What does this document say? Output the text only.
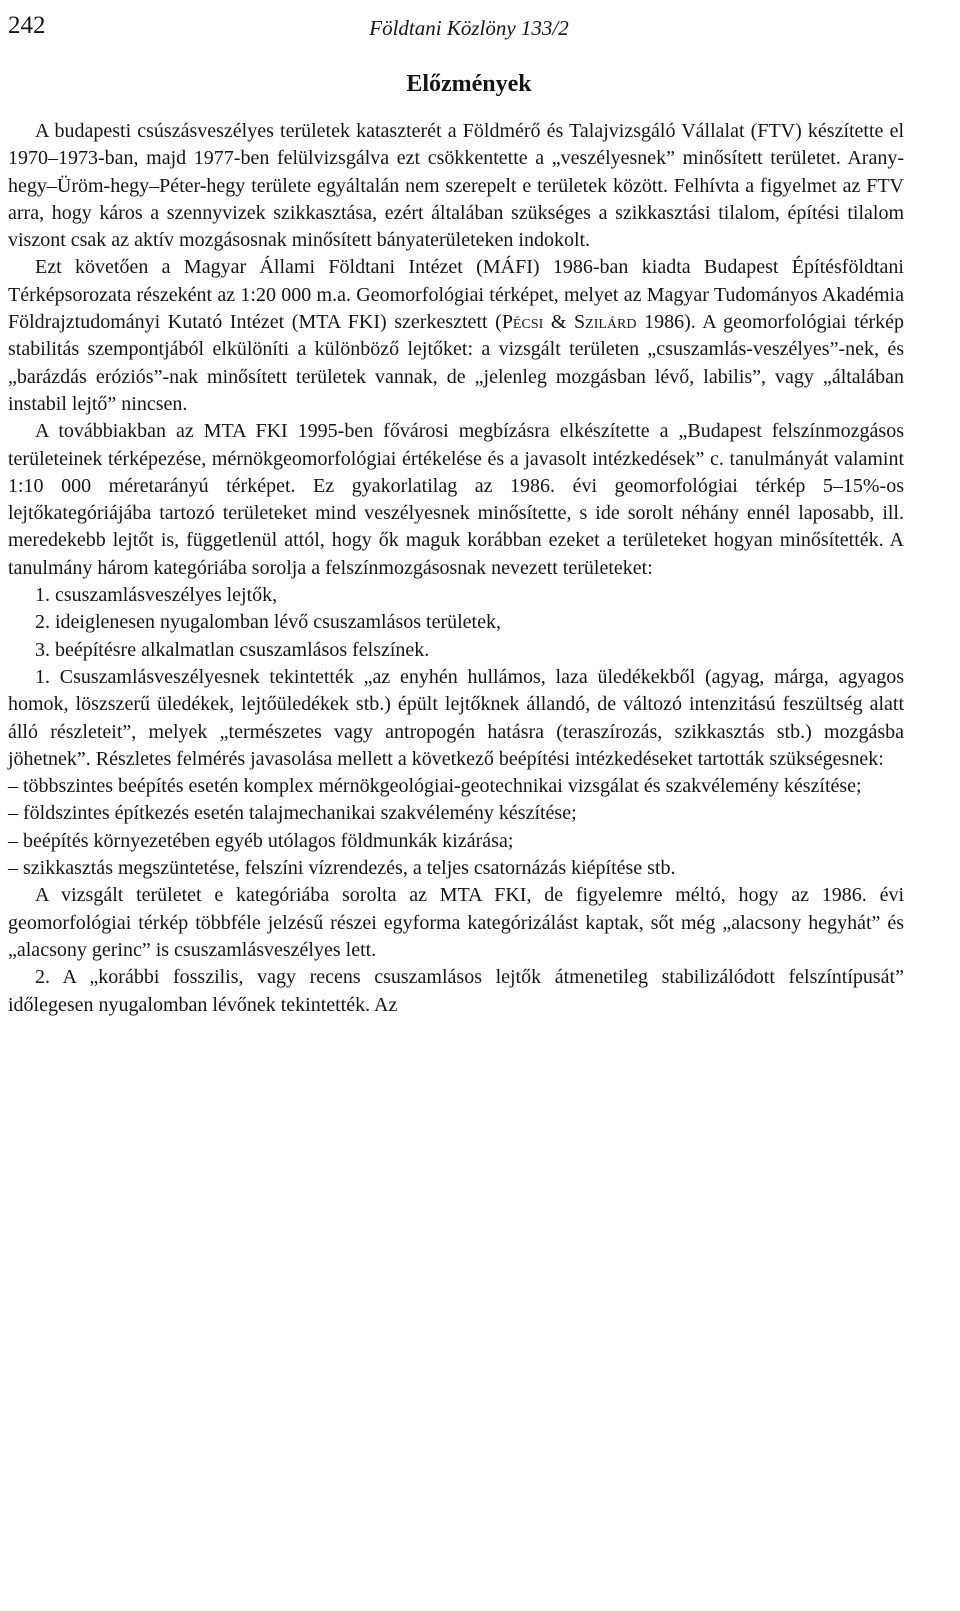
242	Földtani Közlöny 133/2
Előzmények

A budapesti csúszásveszélyes területek kataszterét a Földmérő és Talajvizsgáló Vállalat (FTV) készítette el 1970–1973-ban, majd 1977-ben felülvizsgálva ezt csökkentette a „veszélyesnek” minősített területet. Arany-hegy–Üröm-hegy–Péter-hegy területe egyáltalán nem szerepelt e területek között. Felhívta a figyelmet az FTV arra, hogy káros a szennyvizek szikkasztása, ezért általában szükséges a szikkasztási tilalom, építési tilalom viszont csak az aktív mozgásosnak minősített bányaterületeken indokolt.

Ezt követően a Magyar Állami Földtani Intézet (MÁFI) 1986-ban kiadta Budapest Építésföldtani Térképsorozata részeként az 1:20 000 m.a. Geomorfológiai térképet, melyet az Magyar Tudományos Akadémia Földrajztudományi Kutató Intézet (MTA FKI) szerkesztett (Pécsi & Szilárd 1986). A geomorfológiai térkép stabilitás szempontjából elkülöníti a különböző lejtőket: a vizsgált területen „csuszamlás-veszélyes”-nek, és „barázdás eróziós”-nak minősített területek vannak, de „jelenleg mozgásban lévő, labilis”, vagy „általában instabil lejtő” nincsen.

A továbbiakban az MTA FKI 1995-ben fővárosi megbízásra elkészítette a „Budapest felszínmozgásos területeinek térképezése, mérnökgeomorfológiai értékelése és a javasolt intézkedések” c. tanulmányát valamint 1:10 000 méretarányú térképet. Ez gyakorlatilag az 1986. évi geomorfológiai térkép 5–15%-os lejtőkategóriájába tartozó területeket mind veszélyesnek minősítette, s ide sorolt néhány ennél laposabb, ill. meredekebb lejtőt is, függetlenül attól, hogy ők maguk korábban ezeket a területeket hogyan minősítették. A tanulmány három kategóriába sorolja a felszínmozgásosnak nevezett területeket:

1. csuszamlásveszélyes lejtők,

2. ideiglenesen nyugalomban lévő csuszamlásos területek,

3. beépítésre alkalmatlan csuszamlásos felszínek.

1. Csuszamlásveszélyesnek tekintették „az enyhén hullámos, laza üledékekből (agyag, márga, agyagos homok, löszszerű üledékek, lejtőüledékek stb.) épült lejtőknek állandó, de változó intenzitású feszültség alatt álló részleteit”, melyek „természetes vagy antropogén hatásra (teraszírozás, szikkasztás stb.) mozgásba jöhetnek”. Részletes felmérés javasolása mellett a következő beépítési intézkedéseket tartották szükségesnek:

– többszintes beépítés esetén komplex mérnökgeológiai-geotechnikai vizsgálat és szakvélemény készítése;

– földszintes építkezés esetén talajmechanikai szakvélemény készítése;

– beépítés környezetében egyéb utólagos földmunkák kizárása;

– szikkasztás megszüntetése, felszíni vízrendezés, a teljes csatornázás kiépítése stb.

A vizsgált területet e kategóriába sorolta az MTA FKI, de figyelemre méltó, hogy az 1986. évi geomorfológiai térkép többféle jelzésű részei egyforma kategórizálást kaptak, sőt még „alacsony hegyhát” és „alacsony gerinc” is csuszamlásveszélyes lett.

2. A „korábbi fosszilis, vagy recens csuszamlásos lejtők átmenetileg stabilizálódott felszíntípusát” időlegesen nyugalomban lévőnek tekintették. Az
